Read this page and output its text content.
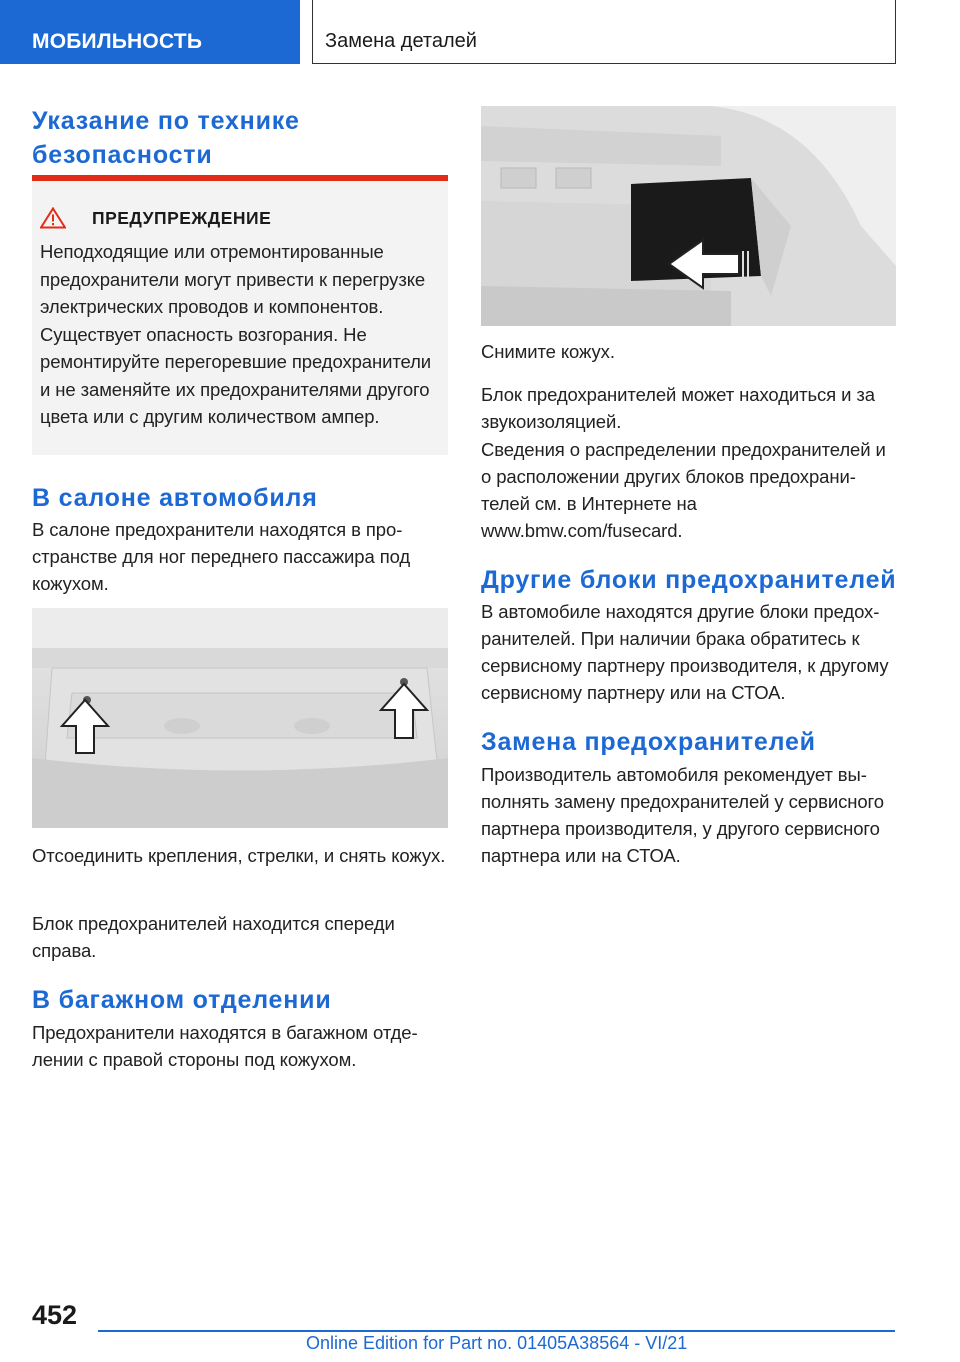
МОБИЛЬНОСТЬ	Замена деталей
Указание по технике безопасности
ПРЕДУПРЕЖДЕНИЕ

Неподходящие или отремонтированные предохранители могут привести к перегрузке электрических проводов и компонентов. Существует опасность возгорания. Не ремонтируйте перегоревшие предохранители и не заменяйте их предохранителями другого цвета или с другим количеством ампер.

В салоне автомобиля

В салоне предохранители находятся в пространстве для ног переднего пассажира под кожухом.

Отсоединить крепления, стрелки, и снять кожух.

Блок предохранителей находится спереди справа.

В багажном отделении

Предохранители находятся в багажном отделении с правой стороны под кожухом.

Снимите кожух.

Блок предохранителей может находиться и за звукоизоляцией.

Сведения о распределении предохранителей и о расположении других блоков предохранителей см. в Интернете на www.bmw.com/fusecard.

Другие блоки предохранителей

В автомобиле находятся другие блоки предохранителей. При наличии брака обратитесь к сервисному партнеру производителя, к другому сервисному партнеру или на СТОА.

Замена предохранителей

Производитель автомобиля рекомендует выполнять замену предохранителей у сервисного партнера производителя, у другого сервисного партнера или на СТОА.

452
Online Edition for Part no. 01405A38564 - VI/21
